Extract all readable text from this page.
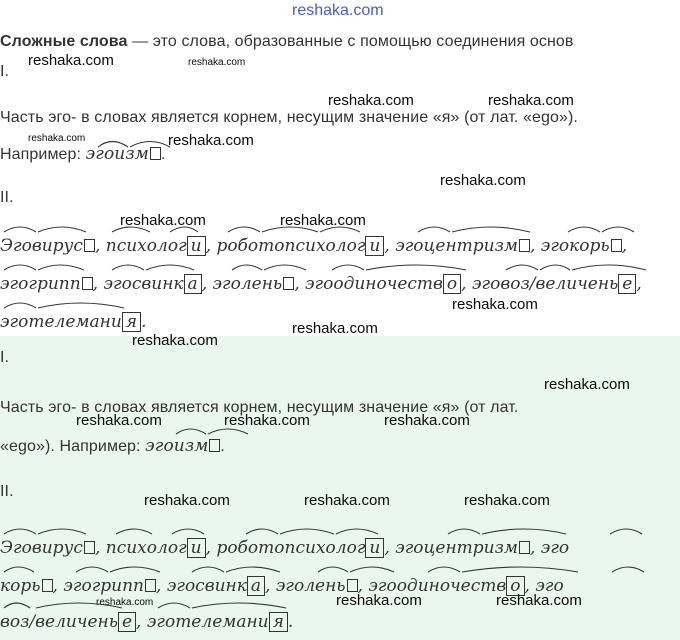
reshaka.com
reshaka.com	reshaka.com
reshaka.com	reshaka.com
reshaka.com	reshaka.com
reshaka.com
reshaka.com	reshaka.com
reshaka.com
reshaka.com
reshaka.com
reshaka.com
reshaka.com	reshaka.com	reshaka.com
reshaka.com	reshaka.com	reshaka.com
reshaka.com	reshaka.com	reshaka.com
Сложные слова — это слова, образованные с помощью соединения основ
I.
Часть эго- в словах является корнем, несущим значение «я» (от лат. «ego»).
Например: эгоизм .
II.
Эговирус , психолог и , роботопсихолог и , эгоцентризм , эгокорь ,
эгогрипп , эгосвинк а , эголень , эгоодиночеств о , эговоз/величень е ,
эготелемани я .
I.
Часть эго- в словах является корнем, несущим значение «я» (от лат.
«ego»). Например: эгоизм .
II.
Эговирус , психолог и , роботопсихолог и , эгоцентризм , эго
корь , эгогрипп , эгосвинк а , эголень , эгоодиночеств о , эго
воз/величень е , эготелемани я .
